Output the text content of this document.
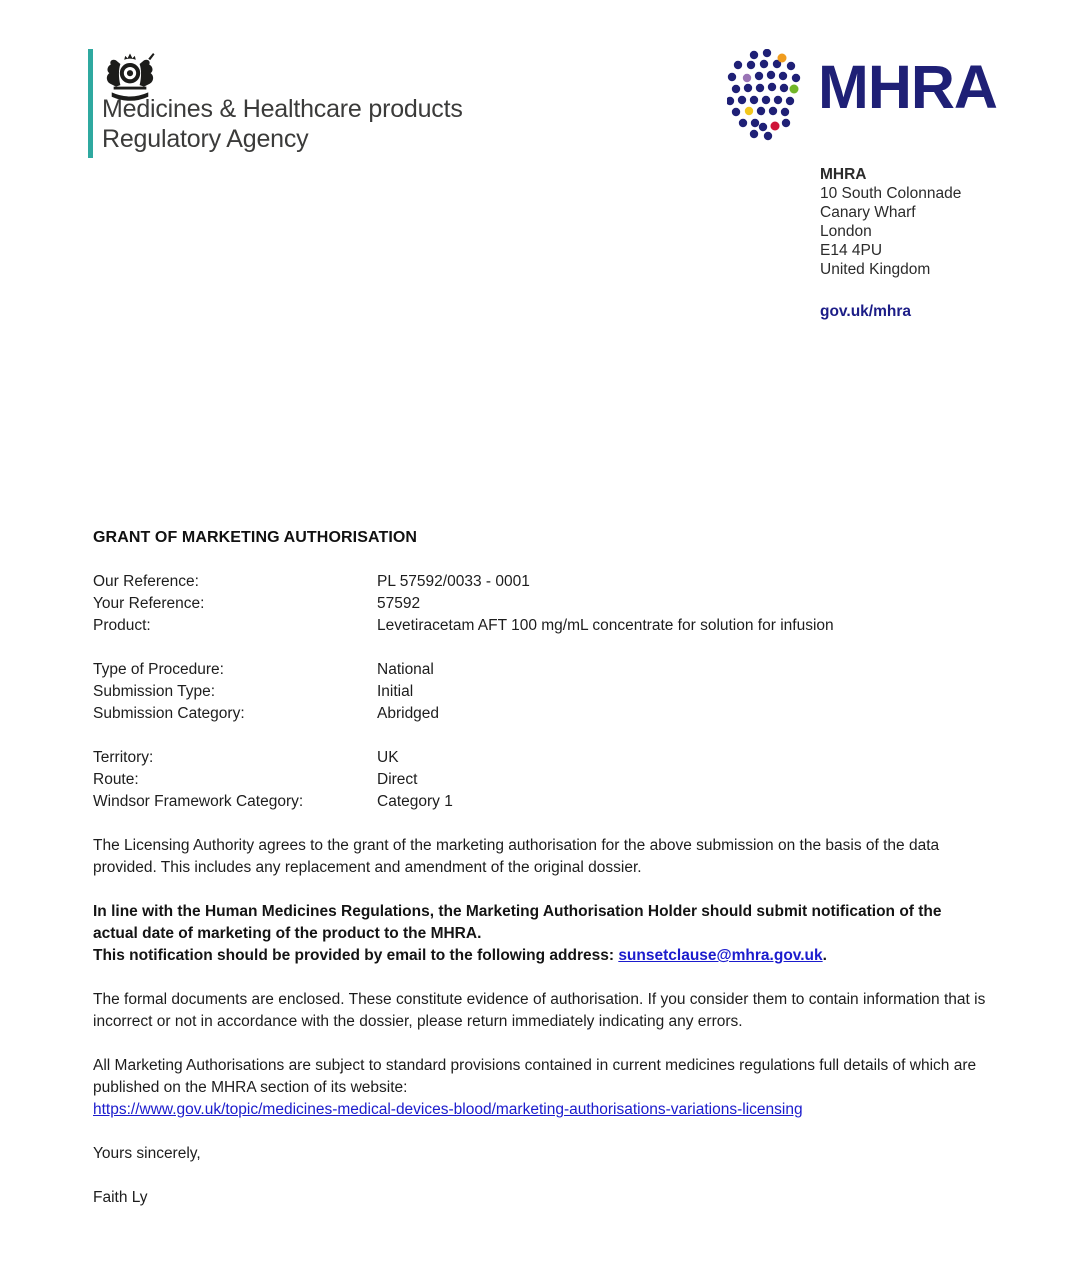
Medicines & Healthcare products
Regulatory Agency
MHRA
MHRA
10 South Colonnade
Canary Wharf
London
E14 4PU
United Kingdom
gov.uk/mhra
GRANT OF MARKETING AUTHORISATION
Our Reference:	PL 57592/0033 - 0001
Your Reference:	57592
Product:	Levetiracetam AFT 100 mg/mL concentrate for solution for infusion
Type of Procedure:	National
Submission Type:	Initial
Submission Category:	Abridged
Territory:	UK
Route:	Direct
Windsor Framework Category:	Category 1

The Licensing Authority agrees to the grant of the marketing authorisation for the above submission on the basis of the data provided. This includes any replacement and amendment of the original dossier.

In line with the Human Medicines Regulations, the Marketing Authorisation Holder should submit notification of the actual date of marketing of the product to the MHRA.
This notification should be provided by email to the following address: sunsetclause@mhra.gov.uk.

The formal documents are enclosed. These constitute evidence of authorisation. If you consider them to contain information that is incorrect or not in accordance with the dossier, please return immediately indicating any errors.

All Marketing Authorisations are subject to standard provisions contained in current medicines regulations full details of which are published on the MHRA section of its website:
https://www.gov.uk/topic/medicines-medical-devices-blood/marketing-authorisations-variations-licensing

Yours sincerely,

Faith Ly
